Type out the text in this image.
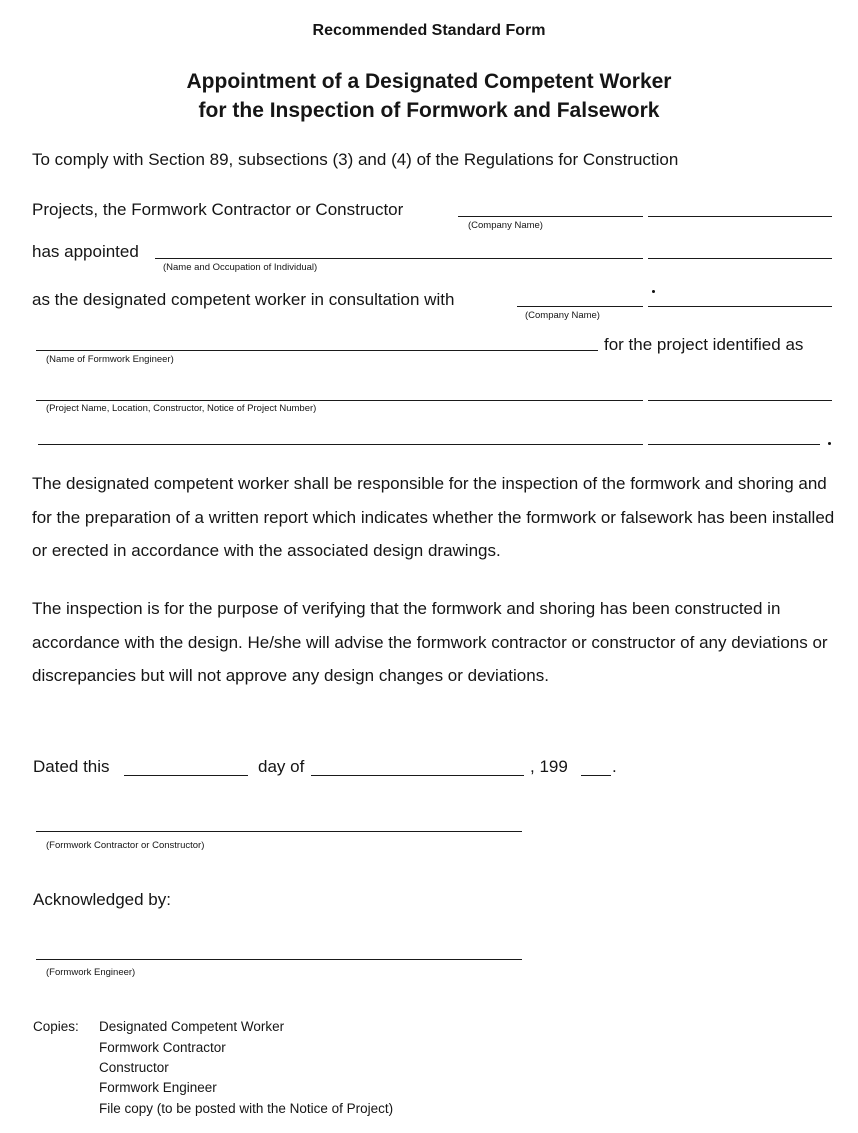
Recommended Standard Form
Appointment of a Designated Competent Worker
for the Inspection of Formwork and Falsework
To comply with Section 89, subsections (3) and (4) of the Regulations for Construction
Projects, the Formwork Contractor or Constructor
(Company Name)
has appointed
(Name and Occupation of Individual)
as the designated competent worker in consultation with
(Company Name)
for the project identified as
(Name of Formwork Engineer)
(Project Name, Location, Constructor, Notice of Project Number)
The designated competent worker shall be responsible for the inspection of the formwork and shoring and for the preparation of a written report which indicates whether the formwork or falsework has been installed or erected in accordance with the associated design drawings.
The inspection is for the purpose of verifying that the formwork and shoring has been constructed in accordance with the design. He/she will advise the formwork contractor or constructor of any deviations or discrepancies but will not approve any design changes or deviations.
Dated this	day of	, 199	.
(Formwork Contractor or Constructor)
Acknowledged by:
(Formwork Engineer)
Copies: Designated Competent Worker
Formwork Contractor
Constructor
Formwork Engineer
File copy (to be posted with the Notice of Project)
